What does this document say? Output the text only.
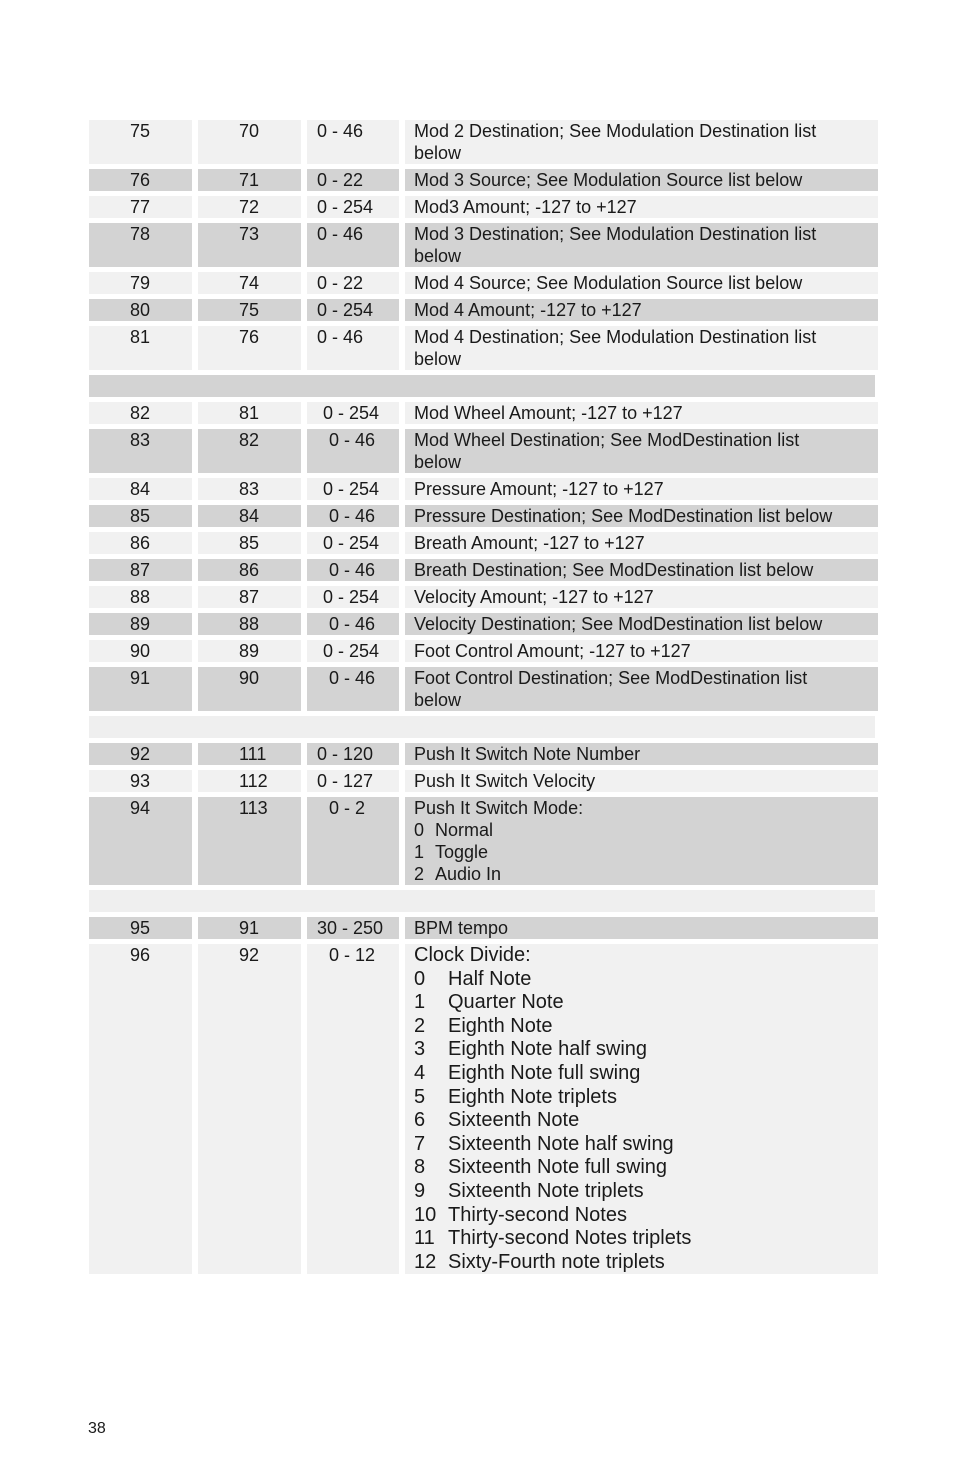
75	70	0 - 46	Mod 2 Destination; See Modulation Destination list
below
76	71	0 - 22	Mod 3 Source; See Modulation Source list below
77	72	0 - 254	Mod3 Amount; -127 to +127
78	73	0 - 46	Mod 3 Destination; See Modulation Destination list
below
79	74	0 - 22	Mod 4 Source; See Modulation Source list below
80	75	0 - 254	Mod 4 Amount; -127 to +127
81	76	0 - 46	Mod 4 Destination; See Modulation Destination list
below
82	81	0 - 254	Mod Wheel Amount; -127 to +127
83	82	0 - 46	Mod Wheel Destination; See ModDestination list
below
84	83	0 - 254	Pressure Amount; -127 to +127
85	84	0 - 46	Pressure Destination; See ModDestination list below
86	85	0 - 254	Breath Amount; -127 to +127
87	86	0 - 46	Breath Destination; See ModDestination list below
88	87	0 - 254	Velocity Amount; -127 to +127
89	88	0 - 46	Velocity Destination; See ModDestination list below
90	89	0 - 254	Foot Control Amount; -127 to +127
91	90	0 - 46	Foot Control Destination; See ModDestination list
below
92	111	0 - 120	Push It Switch Note Number
93	112	0 - 127	Push It Switch Velocity
94	113	0 - 2	Push It Switch Mode:
0 Normal
1 Toggle
2 Audio In
95	91	30 - 250	BPM tempo
96	92	0 - 12	Clock Divide:
0 Half Note
1 Quarter Note
2 Eighth Note
3 Eighth Note half swing
4 Eighth Note full swing
5 Eighth Note triplets
6 Sixteenth Note
7 Sixteenth Note half swing
8 Sixteenth Note full swing
9 Sixteenth Note triplets
10 Thirty-second Notes
11 Thirty-second Notes triplets
12 Sixty-Fourth note triplets
38
